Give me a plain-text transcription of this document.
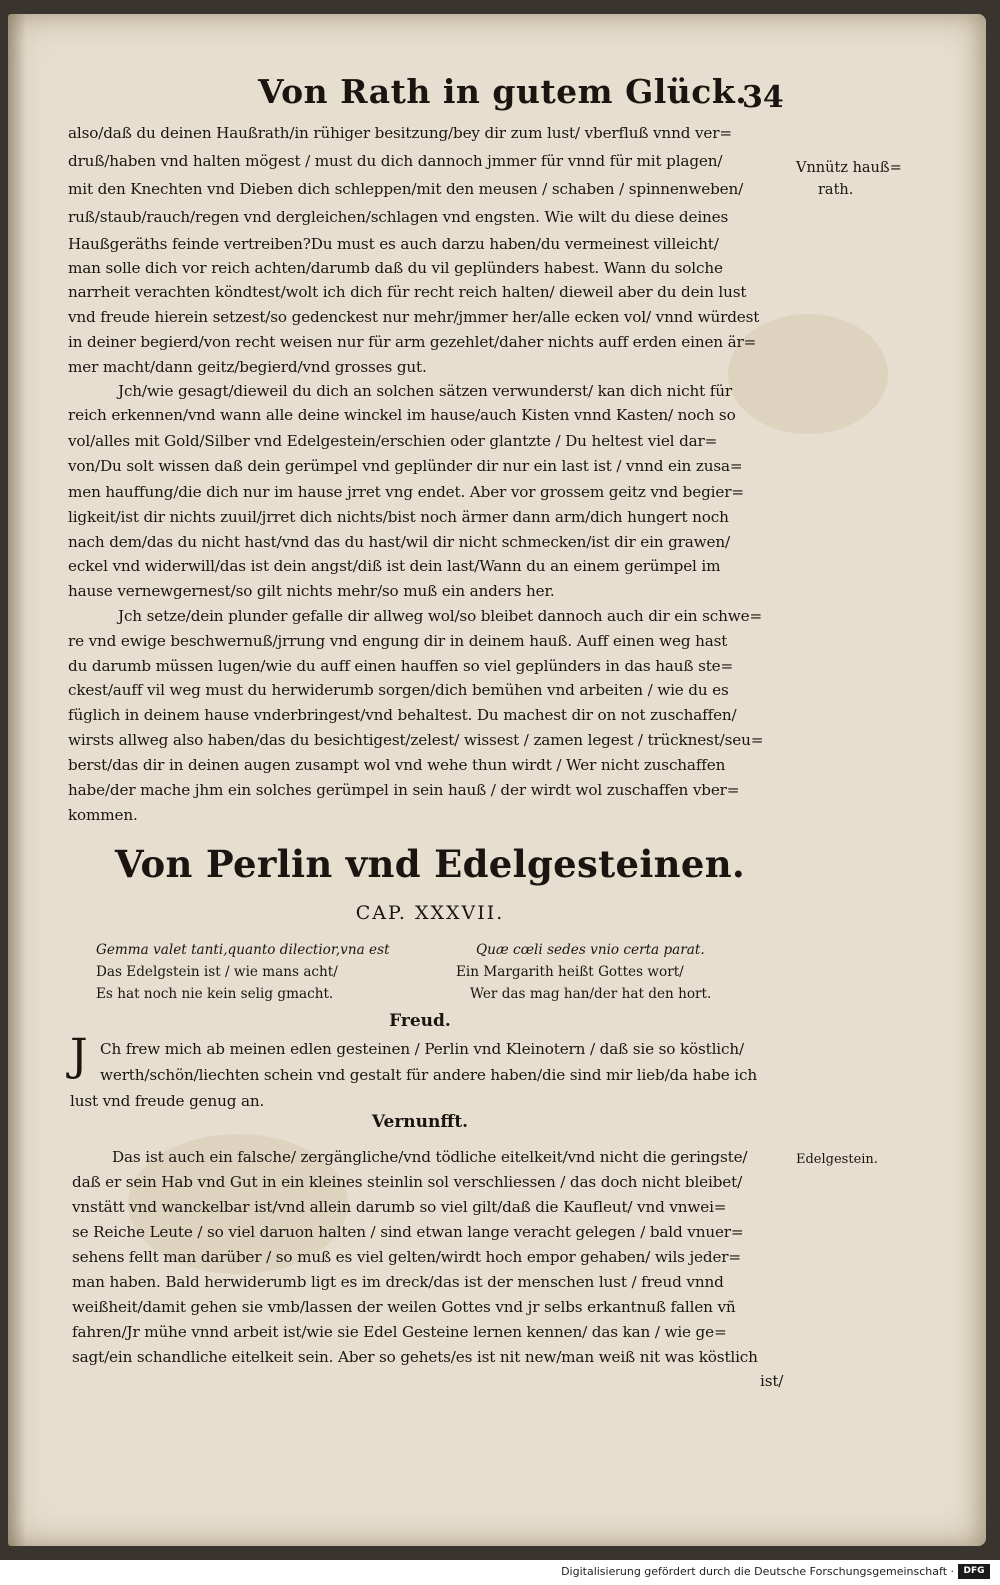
Von Rath in gutem Glück.
34
also/daß du deinen Haußrath/in rühiger besitzung/bey dir zum lust/ vberfluß vnnd ver=
druß/haben vnd halten mögest / must du dich dannoch jmmer für vnnd für mit plagen/
mit den Knechten vnd Dieben dich schleppen/mit den meusen / schaben / spinnenweben/
ruß/staub/rauch/regen vnd dergleichen/schlagen vnd engsten. Wie wilt du diese deines
Haußgeräths feinde vertreiben?Du must es auch darzu haben/du vermeinest villeicht/
man solle dich vor reich achten/darumb daß du vil geplünders habest. Wann du solche
narrheit verachten köndtest/wolt ich dich für recht reich halten/ dieweil aber du dein lust
vnd freude hierein setzest/so gedenckest nur mehr/jmmer her/alle ecken vol/ vnnd würdest
in deiner begierd/von recht weisen nur für arm gezehlet/daher nichts auff erden einen är=
mer macht/dann geitz/begierd/vnd grosses gut.
Jch/wie gesagt/dieweil du dich an solchen sätzen verwunderst/ kan dich nicht für
reich erkennen/vnd wann alle deine winckel im hause/auch Kisten vnnd Kasten/ noch so
vol/alles mit Gold/Silber vnd Edelgestein/erschien oder glantzte / Du heltest viel dar=
von/Du solt wissen daß dein gerümpel vnd geplünder dir nur ein last ist / vnnd ein zusa=
men hauffung/die dich nur im hause jrret vng endet. Aber vor grossem geitz vnd begier=
ligkeit/ist dir nichts zuuil/jrret dich nichts/bist noch ärmer dann arm/dich hungert noch
nach dem/das du nicht hast/vnd das du hast/wil dir nicht schmecken/ist dir ein grawen/
eckel vnd widerwill/das ist dein angst/diß ist dein last/Wann du an einem gerümpel im
hause vernewgernest/so gilt nichts mehr/so muß ein anders her.
Jch setze/dein plunder gefalle dir allweg wol/so bleibet dannoch auch dir ein schwe=
re vnd ewige beschwernuß/jrrung vnd engung dir in deinem hauß. Auff einen weg hast
du darumb müssen lugen/wie du auff einen hauffen so viel geplünders in das hauß ste=
ckest/auff vil weg must du herwiderumb sorgen/dich bemühen vnd arbeiten / wie du es
füglich in deinem hause vnderbringest/vnd behaltest. Du machest dir on not zuschaffen/
wirsts allweg also haben/das du besichtigest/zelest/ wissest / zamen legest / trücknest/seu=
berst/das dir in deinen augen zusampt wol vnd wehe thun wirdt / Wer nicht zuschaffen
habe/der mache jhm ein solches gerümpel in sein hauß / der wirdt wol zuschaffen vber=
kommen.
Vnnütz hauß=
rath.
Edelgestein.
Von Perlin vnd Edelgesteinen.
CAP. XXXVII.
Gemma valet tanti,quanto dilectior,vna est
Das Edelgstein ist / wie mans acht/
Es hat noch nie kein selig gmacht.
Quæ cœli sedes vnio certa parat.
Ein Margarith heißt Gottes wort/
Wer das mag han/der hat den hort.
Freud.
J Ch frew mich ab meinen edlen gesteinen / Perlin vnd Kleinotern / daß sie so köstlich/
werth/schön/liechten schein vnd gestalt für andere haben/die sind mir lieb/da habe ich
lust vnd freude genug an.
Vernunfft.
Das ist auch ein falsche/ zergängliche/vnd tödliche eitelkeit/vnd nicht die geringste/
daß er sein Hab vnd Gut in ein kleines steinlin sol verschliessen / das doch nicht bleibet/
vnstätt vnd wanckelbar ist/vnd allein darumb so viel gilt/daß die Kaufleut/ vnd vnwei=
se Reiche Leute / so viel daruon halten / sind etwan lange veracht gelegen / bald vnuer=
sehens fellt man darüber / so muß es viel gelten/wirdt hoch empor gehaben/ wils jeder=
man haben. Bald herwiderumb ligt es im dreck/das ist der menschen lust / freud vnnd
weißheit/damit gehen sie vmb/lassen der weilen Gottes vnd jr selbs erkantnuß fallen vñ
fahren/Jr mühe vnnd arbeit ist/wie sie Edel Gesteine lernen kennen/ das kan / wie ge=
sagt/ein schandliche eitelkeit sein. Aber so gehets/es ist nit new/man weiß nit was köstlich
ist/
Digitalisierung gefördert durch die Deutsche Forschungsgemeinschaft ·	DFG
